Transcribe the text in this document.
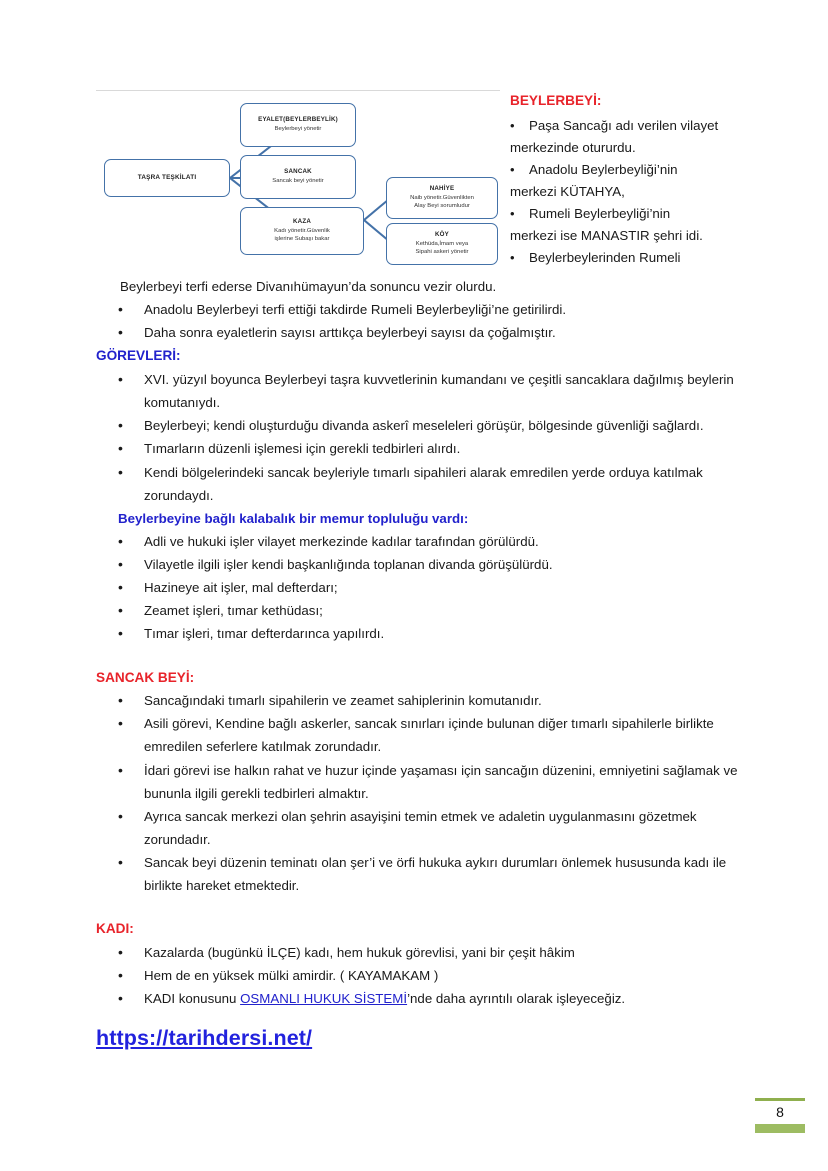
TAŞRA TEŞKİLATI
EYALET(BEYLERBEYLİK)
Beylerbeyi yönetir
SANCAK
Sancak beyi yönetir
KAZA
Kadı yönetir.Güvenlik
işlerine Subaşı bakar
NAHİYE
Naib yönetir.Güvenlikten
Alay Beyi sorumludur
KÖY
Kethüda,İmam veya
Sipahi askeri yönetir
BEYLERBEYİ:
• Paşa Sancağı adı verilen vilayet
merkezinde otururdu.
• Anadolu Beylerbeyliği’nin
merkezi KÜTAHYA,
• Rumeli Beylerbeyliği’nin
merkezi ise MANASTIR şehri idi.
• Beylerbeylerinden Rumeli
Beylerbeyi terfi ederse Divanıhümayun’da sonuncu vezir olurdu.
• Anadolu Beylerbeyi terfi ettiği takdirde Rumeli Beylerbeyliği’ne getirilirdi.
• Daha sonra eyaletlerin sayısı arttıkça beylerbeyi sayısı da çoğalmıştır.
GÖREVLERİ:
• XVI. yüzyıl boyunca Beylerbeyi taşra kuvvetlerinin kumandanı ve çeşitli sancaklara dağılmış beylerin komutanıydı.
• Beylerbeyi; kendi oluşturduğu divanda askerî meseleleri görüşür, bölgesinde güvenliği sağlardı.
• Tımarların düzenli işlemesi için gerekli tedbirleri alırdı.
• Kendi bölgelerindeki sancak beyleriyle tımarlı sipahileri alarak emredilen yerde orduya katılmak zorundaydı.
Beylerbeyine bağlı kalabalık bir memur topluluğu vardı:
• Adli ve hukuki işler vilayet merkezinde kadılar tarafından görülürdü.
• Vilayetle ilgili işler kendi başkanlığında toplanan divanda görüşülürdü.
• Hazineye ait işler, mal defterdarı;
• Zeamet işleri, tımar kethüdası;
• Tımar işleri, tımar defterdarınca yapılırdı.
SANCAK BEYİ:
• Sancağındaki tımarlı sipahilerin ve zeamet sahiplerinin komutanıdır.
• Asili görevi, Kendine bağlı askerler, sancak sınırları içinde bulunan diğer tımarlı sipahilerle birlikte emredilen seferlere katılmak zorundadır.
• İdari görevi ise halkın rahat ve huzur içinde yaşaması için sancağın düzenini, emniyetini sağlamak ve bununla ilgili gerekli tedbirleri almaktır.
• Ayrıca sancak merkezi olan şehrin asayişini temin etmek ve adaletin uygulanmasını gözetmek zorundadır.
• Sancak beyi düzenin teminatı olan şer’i ve örfi hukuka aykırı durumları önlemek hususunda kadı ile birlikte hareket etmektedir.
KADI:
• Kazalarda (bugünkü İLÇE) kadı, hem hukuk görevlisi, yani bir çeşit hâkim
• Hem de en yüksek mülki amirdir. ( KAYAMAKAM )
• KADI konusunu OSMANLI HUKUK SİSTEMİ’nde daha ayrıntılı olarak işleyeceğiz.
https://tarihdersi.net/
8
